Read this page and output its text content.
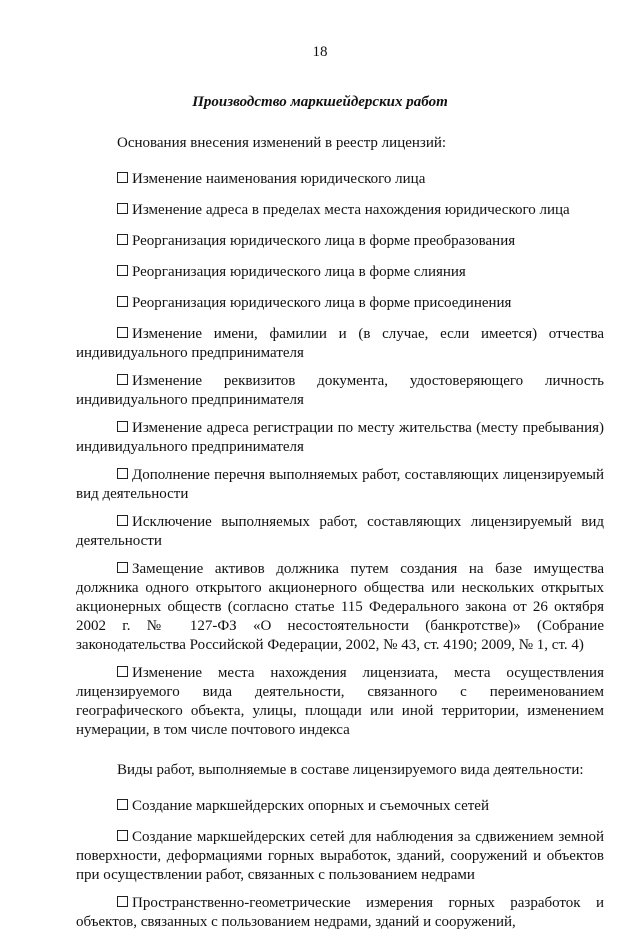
18
Производство маркшейдерских работ

Основания внесения изменений в реестр лицензий:

Изменение наименования юридического лица

Изменение адреса в пределах места нахождения юридического лица

Реорганизация юридического лица в форме преобразования

Реорганизация юридического лица в форме слияния

Реорганизация юридического лица в форме присоединения

Изменение имени, фамилии и (в случае, если имеется) отчества индивидуального предпринимателя

Изменение реквизитов документа, удостоверяющего личность индивидуального предпринимателя

Изменение адреса регистрации по месту жительства (месту пребывания) индивидуального предпринимателя

Дополнение перечня выполняемых работ, составляющих лицензируемый вид деятельности

Исключение выполняемых работ, составляющих лицензируемый вид деятельности

Замещение активов должника путем создания на базе имущества должника одного открытого акционерного общества или нескольких открытых акционерных обществ (согласно статье 115 Федерального закона от 26 октября 2002 г. № 127-ФЗ «О несостоятельности (банкротстве)» (Собрание законодательства Российской Федерации, 2002, № 43, ст. 4190; 2009, № 1, ст. 4)

Изменение места нахождения лицензиата, места осуществления лицензируемого вида деятельности, связанного с переименованием географического объекта, улицы, площади или иной территории, изменением нумерации, в том числе почтового индекса

Виды работ, выполняемые в составе лицензируемого вида деятельности:

Создание маркшейдерских опорных и съемочных сетей

Создание маркшейдерских сетей для наблюдения за сдвижением земной поверхности, деформациями горных выработок, зданий, сооружений и объектов при осуществлении работ, связанных с пользованием недрами

Пространственно-геометрические измерения горных разработок и объектов, связанных с пользованием недрами, зданий и сооружений,
